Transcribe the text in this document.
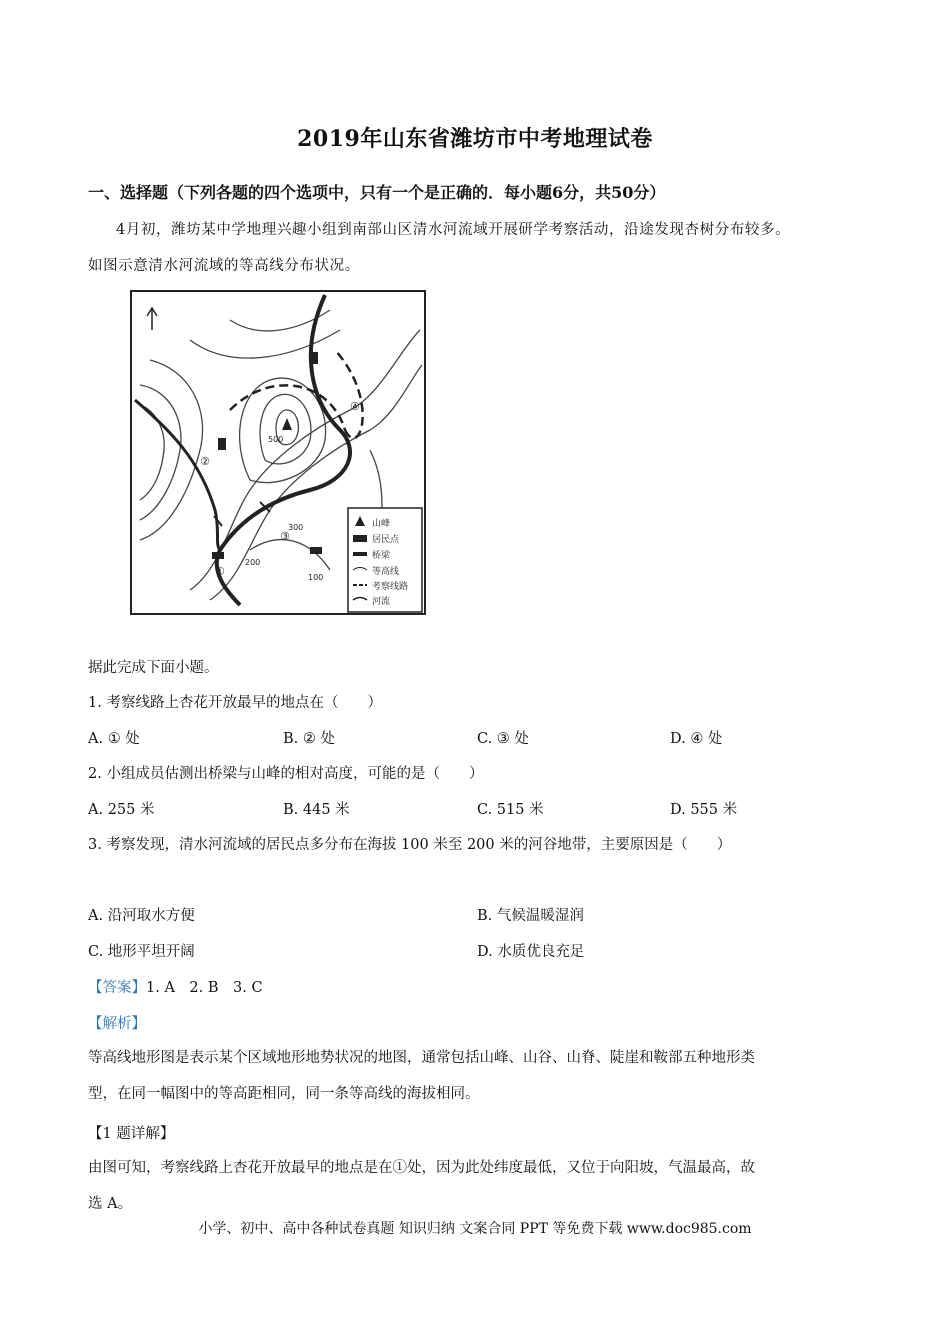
2019年山东省潍坊市中考地理试卷
一、选择题（下列各题的四个选项中，只有一个是正确的．每小题6分，共50分）
4月初，潍坊某中学地理兴趣小组到南部山区清水河流域开展研学考察活动，沿途发现杏树分布较多。
如图示意清水河流域的等高线分布状况。
②
①
③
④
500
300
200
100
山峰
居民点
桥梁
等高线
考察线路
河流
据此完成下面小题。
1. 考察线路上杏花开放最早的地点在（　　）
A. ① 处	B. ② 处	C. ③ 处	D. ④ 处
2. 小组成员估测出桥梁与山峰的相对高度，可能的是（　　）
A. 255 米	B. 445 米	C. 515 米	D. 555 米
3. 考察发现，清水河流域的居民点多分布在海拔 100 米至 200 米的河谷地带，主要原因是（　　）
A. 沿河取水方便	B. 气候温暖湿润
C. 地形平坦开阔	D. 水质优良充足
【答案】1. A　2. B　3. C
【解析】
等高线地形图是表示某个区域地形地势状况的地图，通常包括山峰、山谷、山脊、陡崖和鞍部五种地形类
型，在同一幅图中的等高距相同，同一条等高线的海拔相同。
【1 题详解】
由图可知，考察线路上杏花开放最早的地点是在①处，因为此处纬度最低，又位于向阳坡，气温最高，故
选 A。
小学、初中、高中各种试卷真题 知识归纳 文案合同 PPT 等免费下载 www.doc985.com
